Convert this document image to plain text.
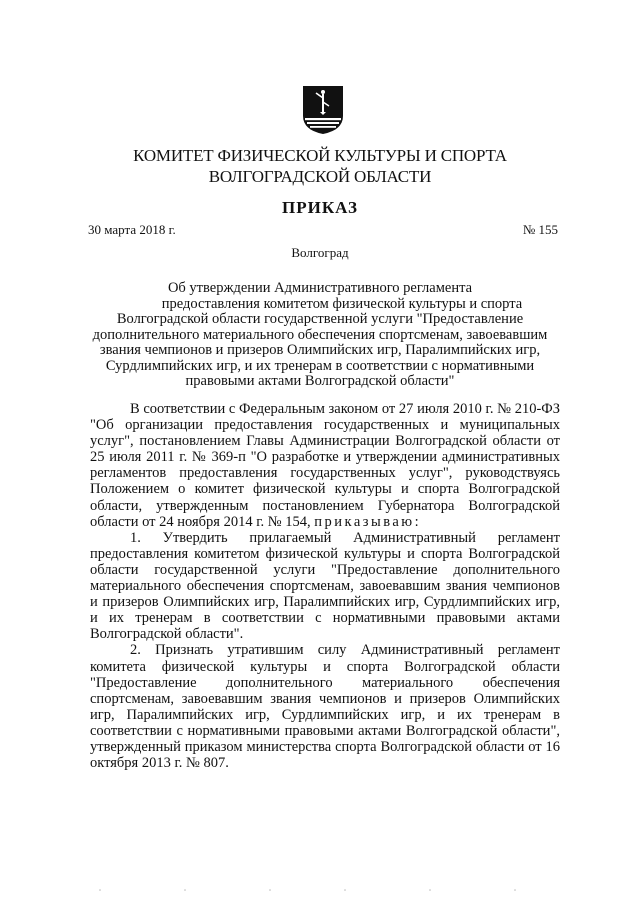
КОМИТЕТ ФИЗИЧЕСКОЙ КУЛЬТУРЫ И СПОРТА
ВОЛГОГРАДСКОЙ ОБЛАСТИ
ПРИКАЗ
30 марта 2018 г.	№ 155
Волгоград
Об утверждении Административного регламента
предоставления комитетом физической культуры и спорта
Волгоградской области государственной услуги "Предоставление
дополнительного материального обеспечения спортсменам, завоевавшим
звания чемпионов и призеров Олимпийских игр, Паралимпийских игр,
Сурдлимпийских игр, и их тренерам в соответствии с нормативными
правовыми актами Волгоградской области"

В соответствии с Федеральным законом от 27 июля 2010 г. № 210-ФЗ "Об организации предоставления государственных и муниципальных услуг", постановлением Главы Администрации Волгоградской области от 25 июля 2011 г. № 369-п "О разработке и утверждении административных регламентов предоставления государственных услуг", руководствуясь Положением о комитет физической культуры и спорта Волгоградской области, утвержденным постановлением Губернатора Волгоградской области от 24 ноября 2014 г. № 154, приказываю:

1. Утвердить прилагаемый Административный регламент предоставления комитетом физической культуры и спорта Волгоградской области государственной услуги "Предоставление дополнительного материального обеспечения спортсменам, завоевавшим звания чемпионов и призеров Олимпийских игр, Паралимпийских игр, Сурдлимпийских игр, и их тренерам в соответствии с нормативными правовыми актами Волгоградской области".

2. Признать утратившим силу Административный регламент комитета физической культуры и спорта Волгоградской области "Предоставление дополнительного материального обеспечения спортсменам, завоевавшим звания чемпионов и призеров Олимпийских игр, Паралимпийских игр, Сурдлимпийских игр, и их тренерам в соответствии с нормативными правовыми актами Волгоградской области", утвержденный приказом министерства спорта Волгоградской области от 16 октября 2013 г. № 807.
